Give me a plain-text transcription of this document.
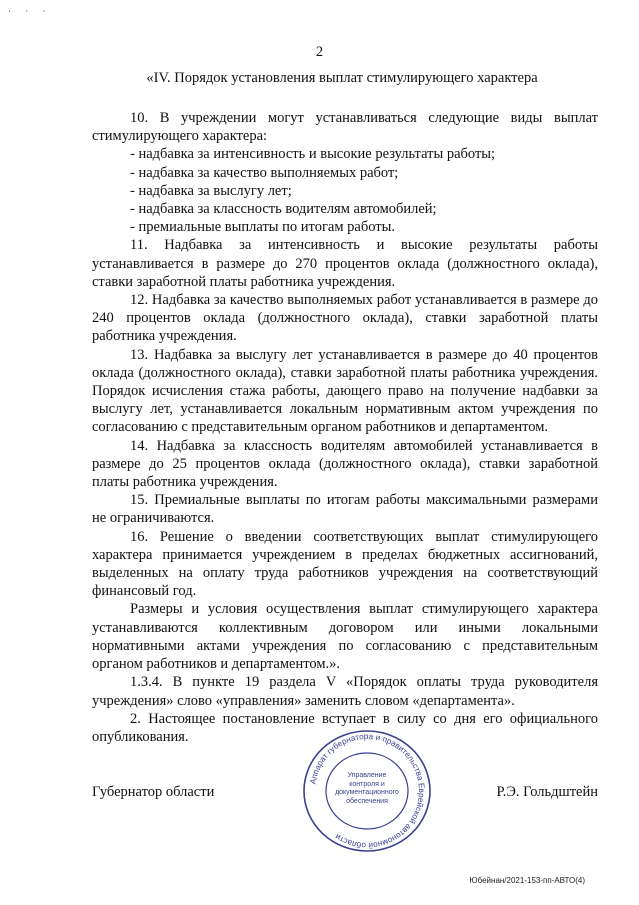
· · ·
2
«IV. Порядок установления выплат стимулирующего характера

10. В учреждении могут устанавливаться следующие виды выплат стимулирующего характера:

- надбавка за интенсивность и высокие результаты работы;

- надбавка за качество выполняемых работ;

- надбавка за выслугу лет;

- надбавка за классность водителям автомобилей;

- премиальные выплаты по итогам работы.

11. Надбавка за интенсивность и высокие результаты работы устанавливается в размере до 270 процентов оклада (должностного оклада), ставки заработной платы работника учреждения.

12. Надбавка за качество выполняемых работ устанавливается в размере до 240 процентов оклада (должностного оклада), ставки заработной платы работника учреждения.

13. Надбавка за выслугу лет устанавливается в размере до 40 процентов оклада (должностного оклада), ставки заработной платы работника учреждения. Порядок исчисления стажа работы, дающего право на получение надбавки за выслугу лет, устанавливается локальным нормативным актом учреждения по согласованию с представительным органом работников и департаментом.

14. Надбавка за классность водителям автомобилей устанавливается в размере до 25 процентов оклада (должностного оклада), ставки заработной платы работника учреждения.

15. Премиальные выплаты по итогам работы максимальными размерами не ограничиваются.

16. Решение о введении соответствующих выплат стимулирующего характера принимается учреждением в пределах бюджетных ассигнований, выделенных на оплату труда работников учреждения на соответствующий финансовый год.

Размеры и условия осуществления выплат стимулирующего характера устанавливаются коллективным договором или иными локальными нормативными актами учреждения по согласованию с представительным органом работников и департаментом.».

1.3.4. В пункте 19 раздела V «Порядок оплаты труда руководителя учреждения» слово «управления» заменить словом «департамента».

2. Настоящее постановление вступает в силу со дня его официального опубликования.

Губернатор области	Р.Э. Гольдштейн
Аппарат губернатора и правительства Еврейской автономной области
Управление контроля и документационного обеспечения
Юбейнан/2021-153-пп-АВТО(4)
